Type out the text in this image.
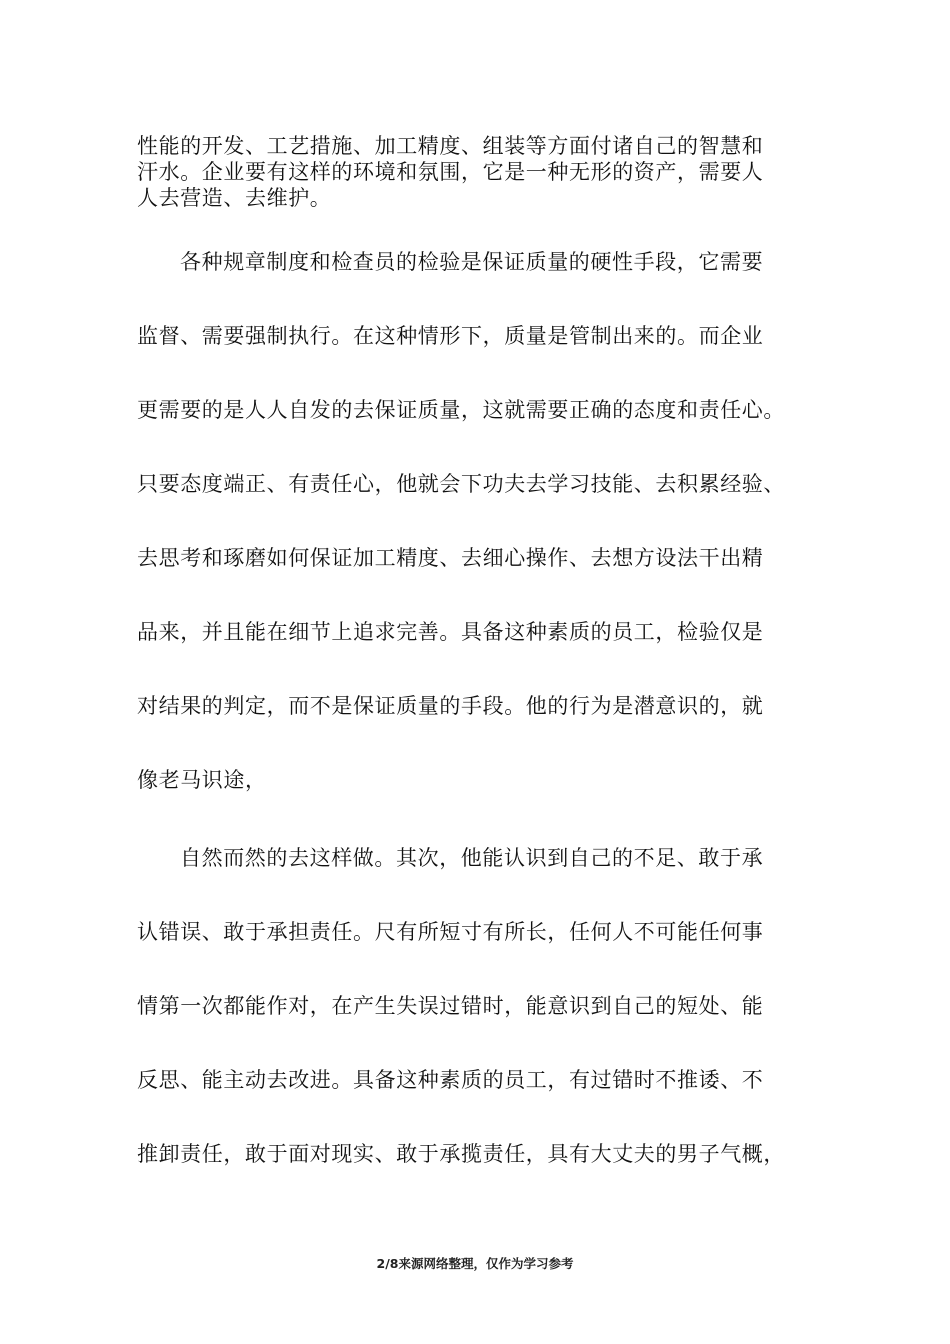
性能的开发、工艺措施、加工精度、组装等方面付诸自己的智慧和
汗水。企业要有这样的环境和氛围，它是一种无形的资产，需要人
人去营造、去维护。
各种规章制度和检查员的检验是保证质量的硬性手段，它需要
监督、需要强制执行。在这种情形下，质量是管制出来的。而企业
更需要的是人人自发的去保证质量，这就需要正确的态度和责任心。
只要态度端正、有责任心，他就会下功夫去学习技能、去积累经验、
去思考和琢磨如何保证加工精度、去细心操作、去想方设法干出精
品来，并且能在细节上追求完善。具备这种素质的员工，检验仅是
对结果的判定，而不是保证质量的手段。他的行为是潜意识的，就
像老马识途，
自然而然的去这样做。其次，他能认识到自己的不足、敢于承
认错误、敢于承担责任。尺有所短寸有所长，任何人不可能任何事
情第一次都能作对，在产生失误过错时，能意识到自己的短处、能
反思、能主动去改进。具备这种素质的员工，有过错时不推诿、不
推卸责任，敢于面对现实、敢于承揽责任，具有大丈夫的男子气概，
2/8来源网络整理，仅作为学习参考
